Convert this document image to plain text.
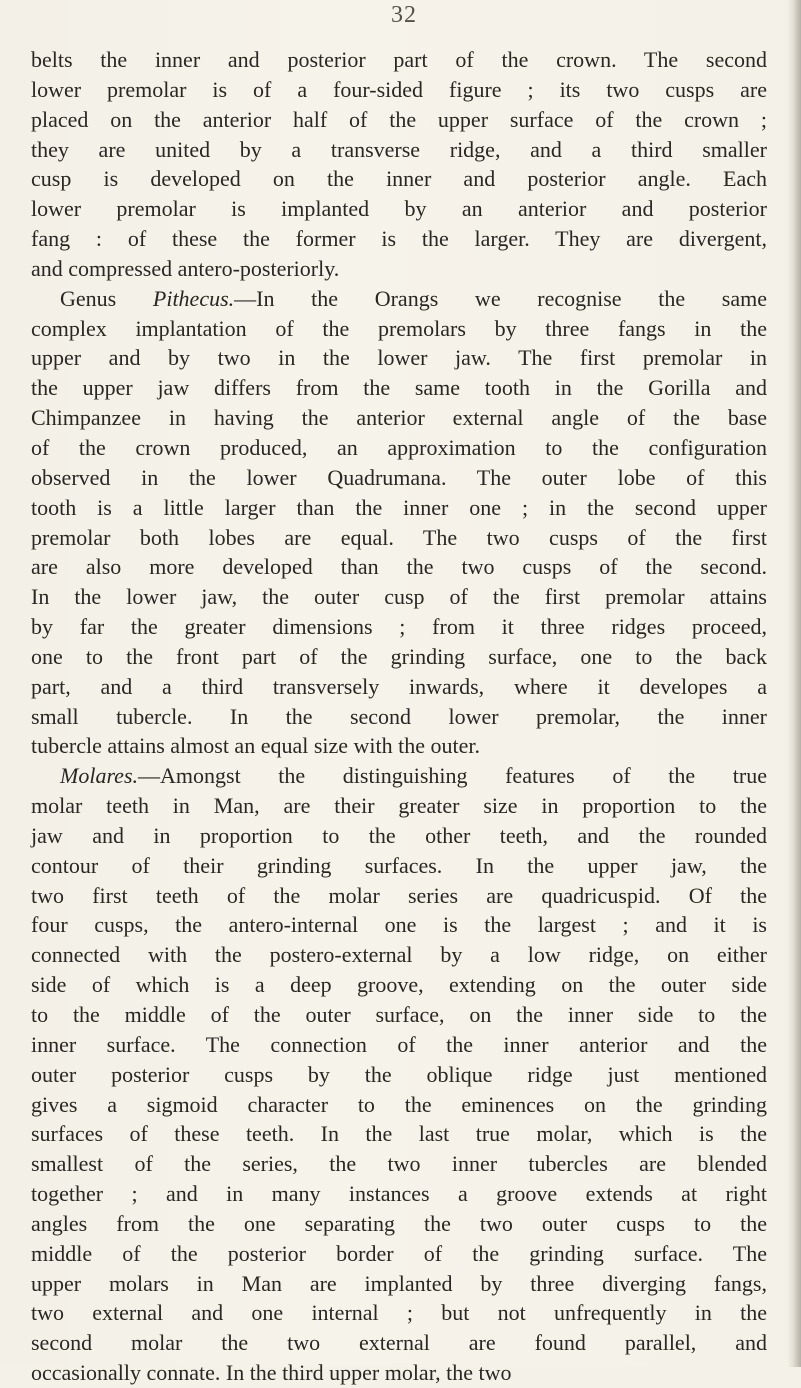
32
belts the inner and posterior part of the crown. The second
lower premolar is of a four-sided figure ; its two cusps are
placed on the anterior half of the upper surface of the crown ;
they are united by a transverse ridge, and a third smaller
cusp is developed on the inner and posterior angle. Each
lower premolar is implanted by an anterior and posterior
fang : of these the former is the larger. They are divergent,
and compressed antero-posteriorly.
Genus Pithecus.—In the Orangs we recognise the same
complex implantation of the premolars by three fangs in the
upper and by two in the lower jaw. The first premolar in
the upper jaw differs from the same tooth in the Gorilla and
Chimpanzee in having the anterior external angle of the base
of the crown produced, an approximation to the configuration
observed in the lower Quadrumana. The outer lobe of this
tooth is a little larger than the inner one ; in the second upper
premolar both lobes are equal. The two cusps of the first
are also more developed than the two cusps of the second.
In the lower jaw, the outer cusp of the first premolar attains
by far the greater dimensions ; from it three ridges proceed,
one to the front part of the grinding surface, one to the back
part, and a third transversely inwards, where it developes a
small tubercle. In the second lower premolar, the inner
tubercle attains almost an equal size with the outer.
Molares.—Amongst the distinguishing features of the true
molar teeth in Man, are their greater size in proportion to the
jaw and in proportion to the other teeth, and the rounded
contour of their grinding surfaces. In the upper jaw, the
two first teeth of the molar series are quadricuspid. Of the
four cusps, the antero-internal one is the largest ; and it is
connected with the postero-external by a low ridge, on either
side of which is a deep groove, extending on the outer side
to the middle of the outer surface, on the inner side to the
inner surface. The connection of the inner anterior and the
outer posterior cusps by the oblique ridge just mentioned
gives a sigmoid character to the eminences on the grinding
surfaces of these teeth. In the last true molar, which is the
smallest of the series, the two inner tubercles are blended
together ; and in many instances a groove extends at right
angles from the one separating the two outer cusps to the
middle of the posterior border of the grinding surface. The
upper molars in Man are implanted by three diverging fangs,
two external and one internal ; but not unfrequently in the
second molar the two external are found parallel, and
occasionally connate. In the third upper molar, the two
